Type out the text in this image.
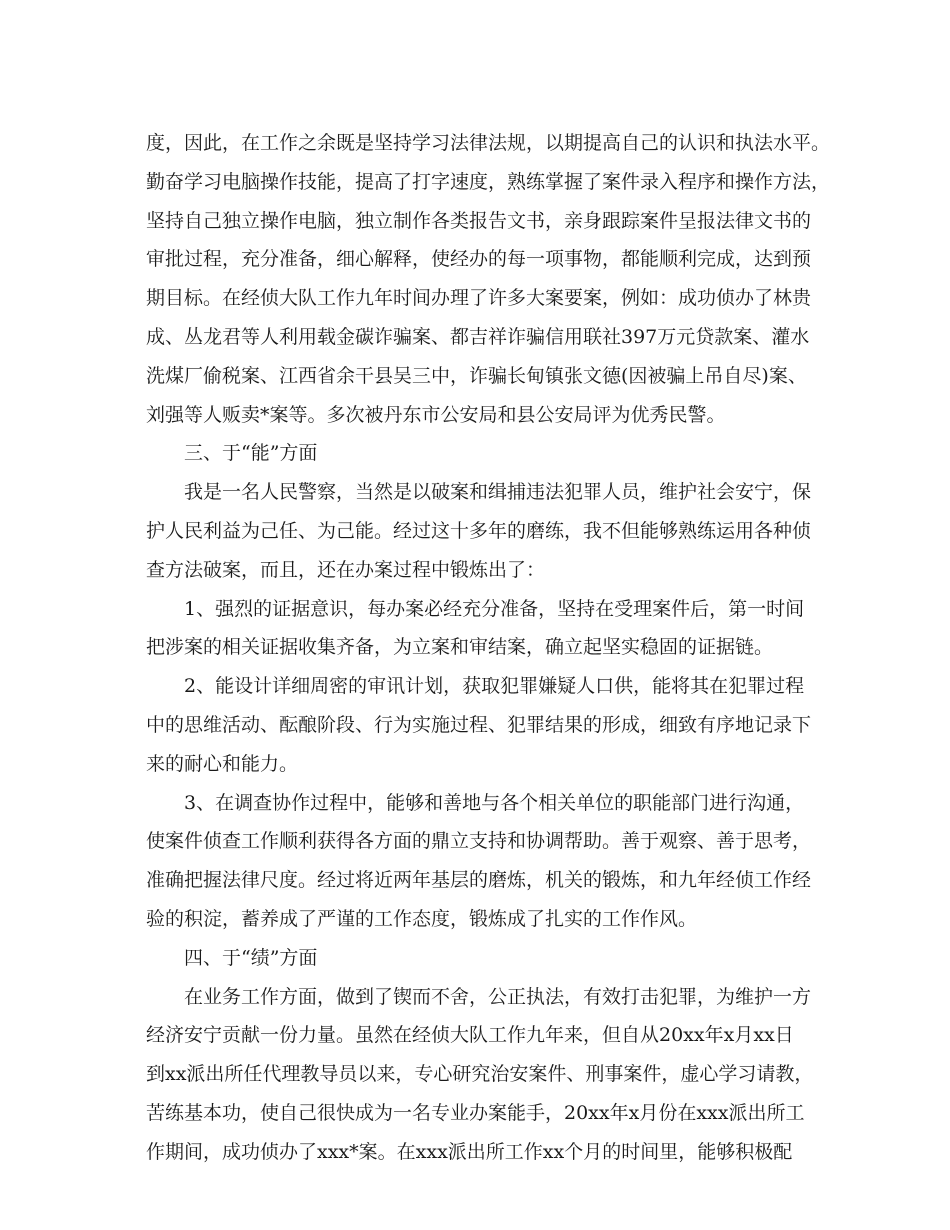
度，因此，在工作之余既是坚持学习法律法规，以期提高自己的认识和执法水平。
勤奋学习电脑操作技能，提高了打字速度，熟练掌握了案件录入程序和操作方法，
坚持自己独立操作电脑，独立制作各类报告文书，亲身跟踪案件呈报法律文书的
审批过程，充分准备，细心解释，使经办的每一项事物，都能顺利完成，达到预
期目标。在经侦大队工作九年时间办理了许多大案要案，例如：成功侦办了林贵
成、丛龙君等人利用载金碳诈骗案、都吉祥诈骗信用联社397万元贷款案、灌水
洗煤厂偷税案、江西省余干县吴三中，诈骗长甸镇张文德(因被骗上吊自尽)案、
刘强等人贩卖*案等。多次被丹东市公安局和县公安局评为优秀民警。
三、于“能”方面
我是一名人民警察，当然是以破案和缉捕违法犯罪人员，维护社会安宁，保
护人民利益为己任、为己能。经过这十多年的磨练，我不但能够熟练运用各种侦
查方法破案，而且，还在办案过程中锻炼出了：
1、强烈的证据意识，每办案必经充分准备，坚持在受理案件后，第一时间
把涉案的相关证据收集齐备，为立案和审结案，确立起坚实稳固的证据链。
2、能设计详细周密的审讯计划，获取犯罪嫌疑人口供，能将其在犯罪过程
中的思维活动、酝酿阶段、行为实施过程、犯罪结果的形成，细致有序地记录下
来的耐心和能力。
3、在调查协作过程中，能够和善地与各个相关单位的职能部门进行沟通，
使案件侦查工作顺利获得各方面的鼎立支持和协调帮助。善于观察、善于思考，
准确把握法律尺度。经过将近两年基层的磨炼，机关的锻炼，和九年经侦工作经
验的积淀，蓄养成了严谨的工作态度，锻炼成了扎实的工作作风。
四、于“绩”方面
在业务工作方面，做到了锲而不舍，公正执法，有效打击犯罪，为维护一方
经济安宁贡献一份力量。虽然在经侦大队工作九年来，但自从20xx年x月xx日
到xx派出所任代理教导员以来，专心研究治安案件、刑事案件，虚心学习请教，
苦练基本功，使自己很快成为一名专业办案能手，20xx年x月份在xxx派出所工
作期间，成功侦办了xxx*案。在xxx派出所工作xx个月的时间里，能够积极配
